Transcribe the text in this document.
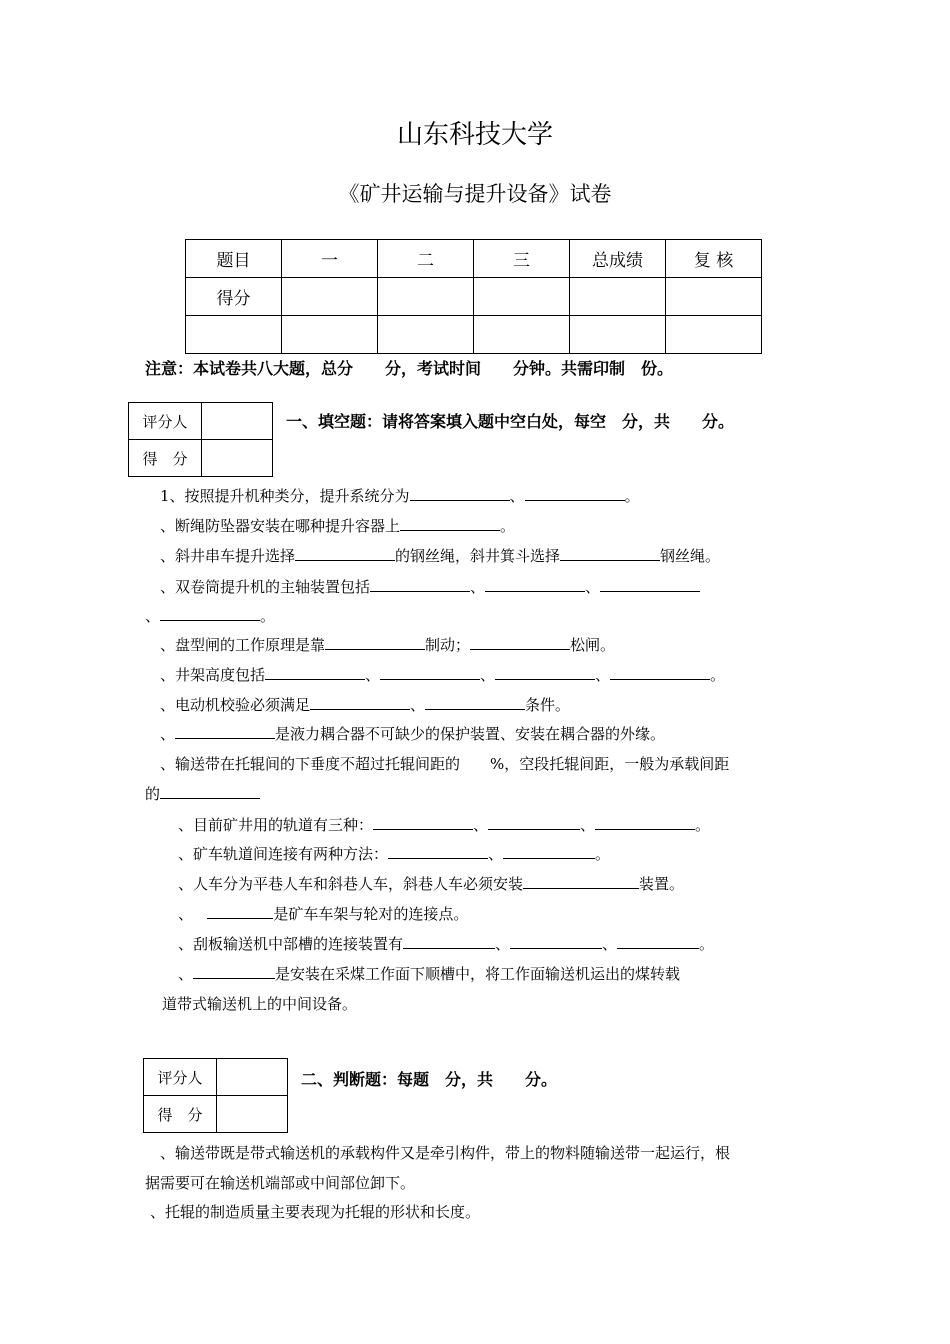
山东科技大学
《矿井运输与提升设备》试卷
题目	一	二	三	总成绩	复 核
得分					

注意：本试卷共八大题，总分　　分，考试时间　　分钟。共需印制　份。
评分人	
得　分	
一、填空题：请将答案填入题中空白处，每空　分，共　　分。
1、按照提升机种类分，提升系统分为	、	。
、断绳防坠器安装在哪种提升容器上	。
、斜井串车提升选择	的钢丝绳，斜井箕斗选择	钢丝绳。
、双卷筒提升机的主轴装置包括	、	、
、	。
、盘型闸的工作原理是靠	制动；	松闸。
、井架高度包括	、	、	、	。
、电动机校验必须满足	、	条件。
、	是液力耦合器不可缺少的保护装置、安装在耦合器的外缘。
、输送带在托辊间的下垂度不超过托辊间距的　　%，空段托辊间距，一般为承载间距
的
、目前矿井用的轨道有三种：	、	、	。
、矿车轨道间连接有两种方法：	、	。
、人车分为平巷人车和斜巷人车，斜巷人车必须安装	装置。
、	是矿车车架与轮对的连接点。
、刮板输送机中部槽的连接装置有	、	、	。
、	是安装在采煤工作面下顺槽中，将工作面输送机运出的煤转载
道带式输送机上的中间设备。
评分人	
得　分	
二、判断题：每题　分，共　　分。
、输送带既是带式输送机的承载构件又是牵引构件，带上的物料随输送带一起运行，根
据需要可在输送机端部或中间部位卸下。
、托辊的制造质量主要表现为托辊的形状和长度。
